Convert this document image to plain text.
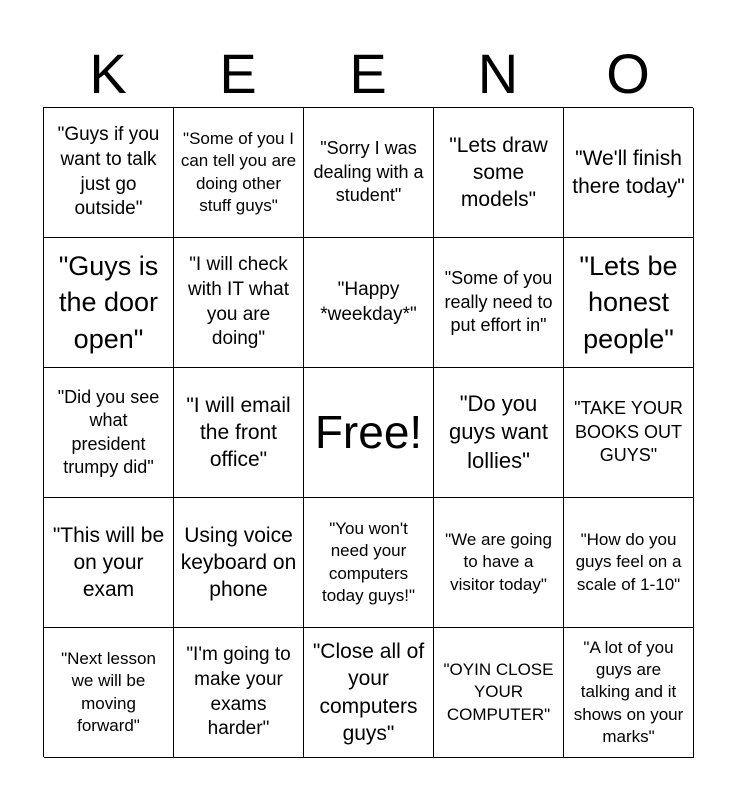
K	E	E	N	O
"Guys if you want to talk just go outside"
"Some of you I can tell you are doing other stuff guys"
"Sorry I was dealing with a student"
"Lets draw some models"
"We'll finish there today"
"Guys is the door open"
"I will check with IT what you are doing"
"Happy *weekday*"
"Some of you really need to put effort in"
"Lets be honest people"
"Did you see what president trumpy did"
"I will email the front office"
Free!
"Do you guys want lollies"
"TAKE YOUR BOOKS OUT GUYS"
"This will be on your exam
Using voice keyboard on phone
"You won't need your computers today guys!"
"We are going to have a visitor today"
"How do you guys feel on a scale of 1-10"
"Next lesson we will be moving forward"
"I'm going to make your exams harder"
"Close all of your computers guys"
"OYIN CLOSE YOUR COMPUTER"
"A lot of you guys are talking and it shows on your marks"
